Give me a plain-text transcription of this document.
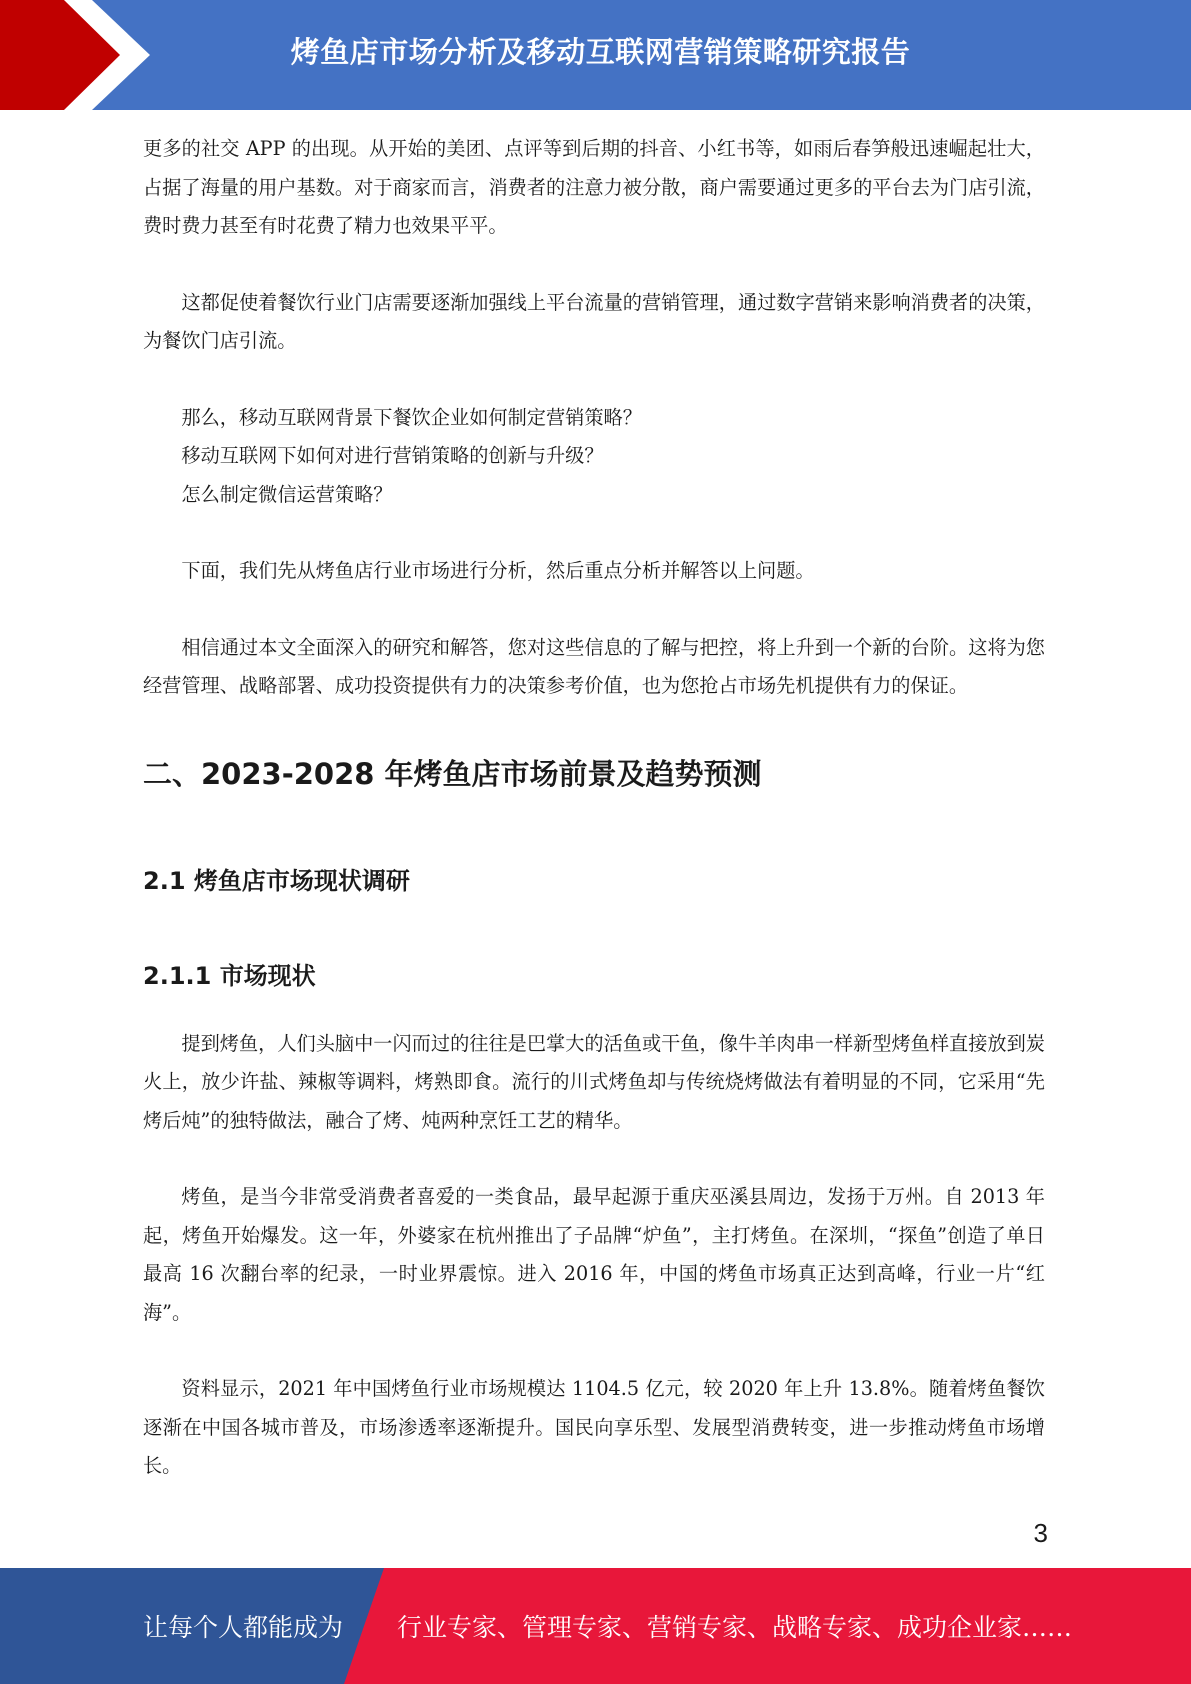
烤鱼店市场分析及移动互联网营销策略研究报告

更多的社交 APP 的出现。从开始的美团、点评等到后期的抖音、小红书等，如雨后春笋般迅速崛起壮大，占据了海量的用户基数。对于商家而言，消费者的注意力被分散，商户需要通过更多的平台去为门店引流，费时费力甚至有时花费了精力也效果平平。

这都促使着餐饮行业门店需要逐渐加强线上平台流量的营销管理，通过数字营销来影响消费者的决策，为餐饮门店引流。

那么，移动互联网背景下餐饮企业如何制定营销策略？

移动互联网下如何对进行营销策略的创新与升级？

怎么制定微信运营策略？

下面，我们先从烤鱼店行业市场进行分析，然后重点分析并解答以上问题。

相信通过本文全面深入的研究和解答，您对这些信息的了解与把控，将上升到一个新的台阶。这将为您经营管理、战略部署、成功投资提供有力的决策参考价值，也为您抢占市场先机提供有力的保证。

二、2023-2028 年烤鱼店市场前景及趋势预测
2.1 烤鱼店市场现状调研
2.1.1 市场现状

提到烤鱼，人们头脑中一闪而过的往往是巴掌大的活鱼或干鱼，像牛羊肉串一样新型烤鱼样直接放到炭火上，放少许盐、辣椒等调料，烤熟即食。流行的川式烤鱼却与传统烧烤做法有着明显的不同，它采用“先烤后炖”的独特做法，融合了烤、炖两种烹饪工艺的精华。

烤鱼，是当今非常受消费者喜爱的一类食品，最早起源于重庆巫溪县周边，发扬于万州。自 2013 年起，烤鱼开始爆发。这一年，外婆家在杭州推出了子品牌“炉鱼”，主打烤鱼。在深圳，“探鱼”创造了单日最高 16 次翻台率的纪录，一时业界震惊。进入 2016 年，中国的烤鱼市场真正达到高峰，行业一片“红海”。

资料显示，2021 年中国烤鱼行业市场规模达 1104.5 亿元，较 2020 年上升 13.8%。随着烤鱼餐饮逐渐在中国各城市普及，市场渗透率逐渐提升。国民向享乐型、发展型消费转变，进一步推动烤鱼市场增长。

3
让每个人都能成为 行业专家、管理专家、营销专家、战略专家、成功企业家……
